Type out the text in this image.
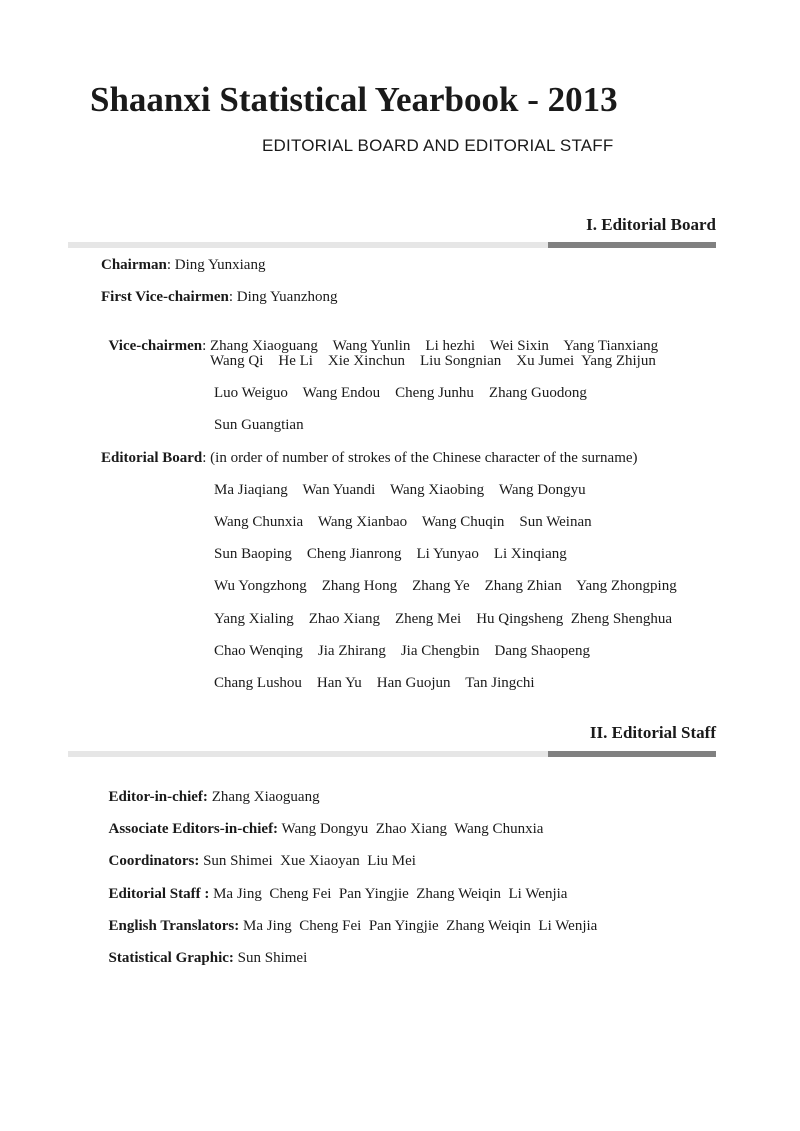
Shaanxi Statistical Yearbook - 2013
EDITORIAL BOARD AND EDITORIAL STAFF
I. Editorial Board
Chairman: Ding Yunxiang
First Vice-chairmen: Ding Yuanzhong

Vice-chairmen: Zhang Xiaoguang    Wang Yunlin    Li hezhi    Wei Sixin    Yang Tianxiang

Wang Qi    He Li    Xie Xinchun    Liu Songnian    Xu Jumei  Yang Zhijun
Luo Weiguo    Wang Endou    Cheng Junhu    Zhang Guodong
Sun Guangtian
Editorial Board: (in order of number of strokes of the Chinese character of the surname)
Ma Jiaqiang    Wan Yuandi    Wang Xiaobing    Wang Dongyu
Wang Chunxia    Wang Xianbao    Wang Chuqin    Sun Weinan
Sun Baoping    Cheng Jianrong    Li Yunyao    Li Xinqiang
Wu Yongzhong    Zhang Hong    Zhang Ye    Zhang Zhian    Yang Zhongping
Yang Xialing    Zhao Xiang    Zheng Mei    Hu Qingsheng  Zheng Shenghua
Chao Wenqing    Jia Zhirang    Jia Chengbin    Dang Shaopeng
Chang Lushou    Han Yu    Han Guojun    Tan Jingchi
II. Editorial Staff

Editor-in-chief: Zhang Xiaoguang

Associate Editors-in-chief: Wang Dongyu  Zhao Xiang  Wang Chunxia

Coordinators: Sun Shimei  Xue Xiaoyan  Liu Mei

Editorial Staff : Ma Jing  Cheng Fei  Pan Yingjie  Zhang Weiqin  Li Wenjia

English Translators: Ma Jing  Cheng Fei  Pan Yingjie  Zhang Weiqin  Li Wenjia

Statistical Graphic: Sun Shimei
